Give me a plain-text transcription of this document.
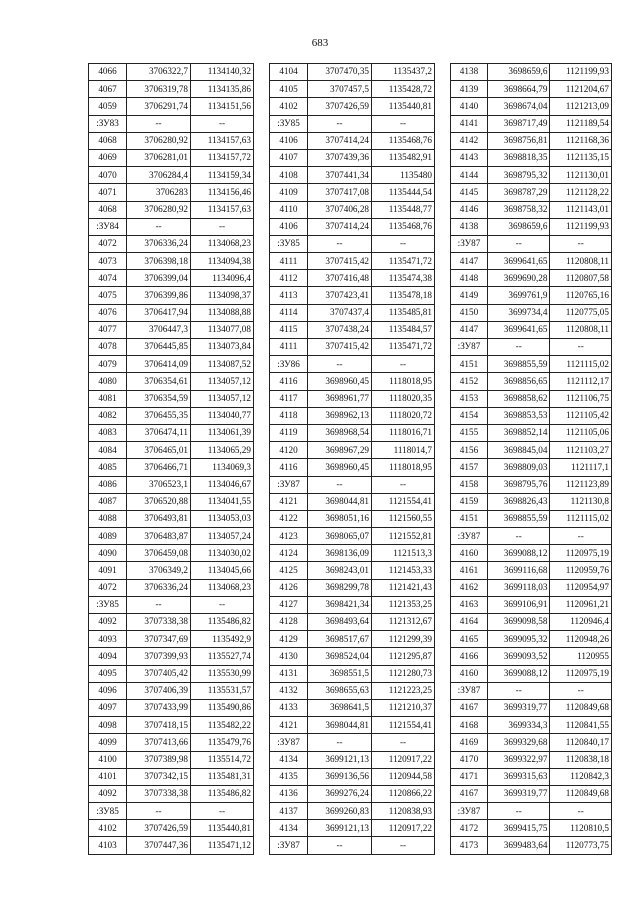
683
4066	3706322,7	1134140,32
4067	3706319,78	1134135,86
4059	3706291,74	1134151,56
:ЗУ83	--	--
4068	3706280,92	1134157,63
4069	3706281,01	1134157,72
4070	3706284,4	1134159,34
4071	3706283	1134156,46
4068	3706280,92	1134157,63
:ЗУ84	--	--
4072	3706336,24	1134068,23
4073	3706398,18	1134094,38
4074	3706399,04	1134096,4
4075	3706399,86	1134098,37
4076	3706417,94	1134088,88
4077	3706447,3	1134077,08
4078	3706445,85	1134073,84
4079	3706414,09	1134087,52
4080	3706354,61	1134057,12
4081	3706354,59	1134057,12
4082	3706455,35	1134040,77
4083	3706474,11	1134061,39
4084	3706465,01	1134065,29
4085	3706466,71	1134069,3
4086	3706523,1	1134046,67
4087	3706520,88	1134041,55
4088	3706493,81	1134053,03
4089	3706483,87	1134057,24
4090	3706459,08	1134030,02
4091	3706349,2	1134045,66
4072	3706336,24	1134068,23
:ЗУ85	--	--
4092	3707338,38	1135486,82
4093	3707347,69	1135492,9
4094	3707399,93	1135527,74
4095	3707405,42	1135530,99
4096	3707406,39	1135531,57
4097	3707433,99	1135490,86
4098	3707418,15	1135482,22
4099	3707413,66	1135479,76
4100	3707389,98	1135514,72
4101	3707342,15	1135481,31
4092	3707338,38	1135486,82
:ЗУ85	--	--
4102	3707426,59	1135440,81
4103	3707447,36	1135471,12
4104	3707470,35	1135437,2
4105	3707457,5	1135428,72
4102	3707426,59	1135440,81
:ЗУ85	--	--
4106	3707414,24	1135468,76
4107	3707439,36	1135482,91
4108	3707441,34	1135480
4109	3707417,08	1135444,54
4110	3707406,28	1135448,77
4106	3707414,24	1135468,76
:ЗУ85	--	--
4111	3707415,42	1135471,72
4112	3707416,48	1135474,38
4113	3707423,41	1135478,18
4114	3707437,4	1135485,81
4115	3707438,24	1135484,57
4111	3707415,42	1135471,72
:ЗУ86	--	--
4116	3698960,45	1118018,95
4117	3698961,77	1118020,35
4118	3698962,13	1118020,72
4119	3698968,54	1118016,71
4120	3698967,29	1118014,7
4116	3698960,45	1118018,95
:ЗУ87	--	--
4121	3698044,81	1121554,41
4122	3698051,16	1121560,55
4123	3698065,07	1121552,81
4124	3698136,09	1121513,3
4125	3698243,01	1121453,33
4126	3698299,78	1121421,43
4127	3698421,34	1121353,25
4128	3698493,64	1121312,67
4129	3698517,67	1121299,39
4130	3698524,04	1121295,87
4131	3698551,5	1121280,73
4132	3698655,63	1121223,25
4133	3698641,5	1121210,37
4121	3698044,81	1121554,41
:ЗУ87	--	--
4134	3699121,13	1120917,22
4135	3699136,56	1120944,58
4136	3699276,24	1120866,22
4137	3699260,83	1120838,93
4134	3699121,13	1120917,22
:ЗУ87	--	--
4138	3698659,6	1121199,93
4139	3698664,79	1121204,67
4140	3698674,04	1121213,09
4141	3698717,49	1121189,54
4142	3698756,81	1121168,36
4143	3698818,35	1121135,15
4144	3698795,32	1121130,01
4145	3698787,29	1121128,22
4146	3698758,32	1121143,01
4138	3698659,6	1121199,93
:ЗУ87	--	--
4147	3699641,65	1120808,11
4148	3699690,28	1120807,58
4149	3699761,9	1120765,16
4150	3699734,4	1120775,05
4147	3699641,65	1120808,11
:ЗУ87	--	--
4151	3698855,59	1121115,02
4152	3698856,65	1121112,17
4153	3698858,62	1121106,75
4154	3698853,53	1121105,42
4155	3698852,14	1121105,06
4156	3698845,04	1121103,27
4157	3698809,03	1121117,1
4158	3698795,76	1121123,89
4159	3698826,43	1121130,8
4151	3698855,59	1121115,02
:ЗУ87	--	--
4160	3699088,12	1120975,19
4161	3699116,68	1120959,76
4162	3699118,03	1120954,97
4163	3699106,91	1120961,21
4164	3699098,58	1120946,4
4165	3699095,32	1120948,26
4166	3699093,52	1120955
4160	3699088,12	1120975,19
:ЗУ87	--	--
4167	3699319,77	1120849,68
4168	3699334,3	1120841,55
4169	3699329,68	1120840,17
4170	3699322,97	1120838,18
4171	3699315,63	1120842,3
4167	3699319,77	1120849,68
:ЗУ87	--	--
4172	3699415,75	1120810,5
4173	3699483,64	1120773,75
